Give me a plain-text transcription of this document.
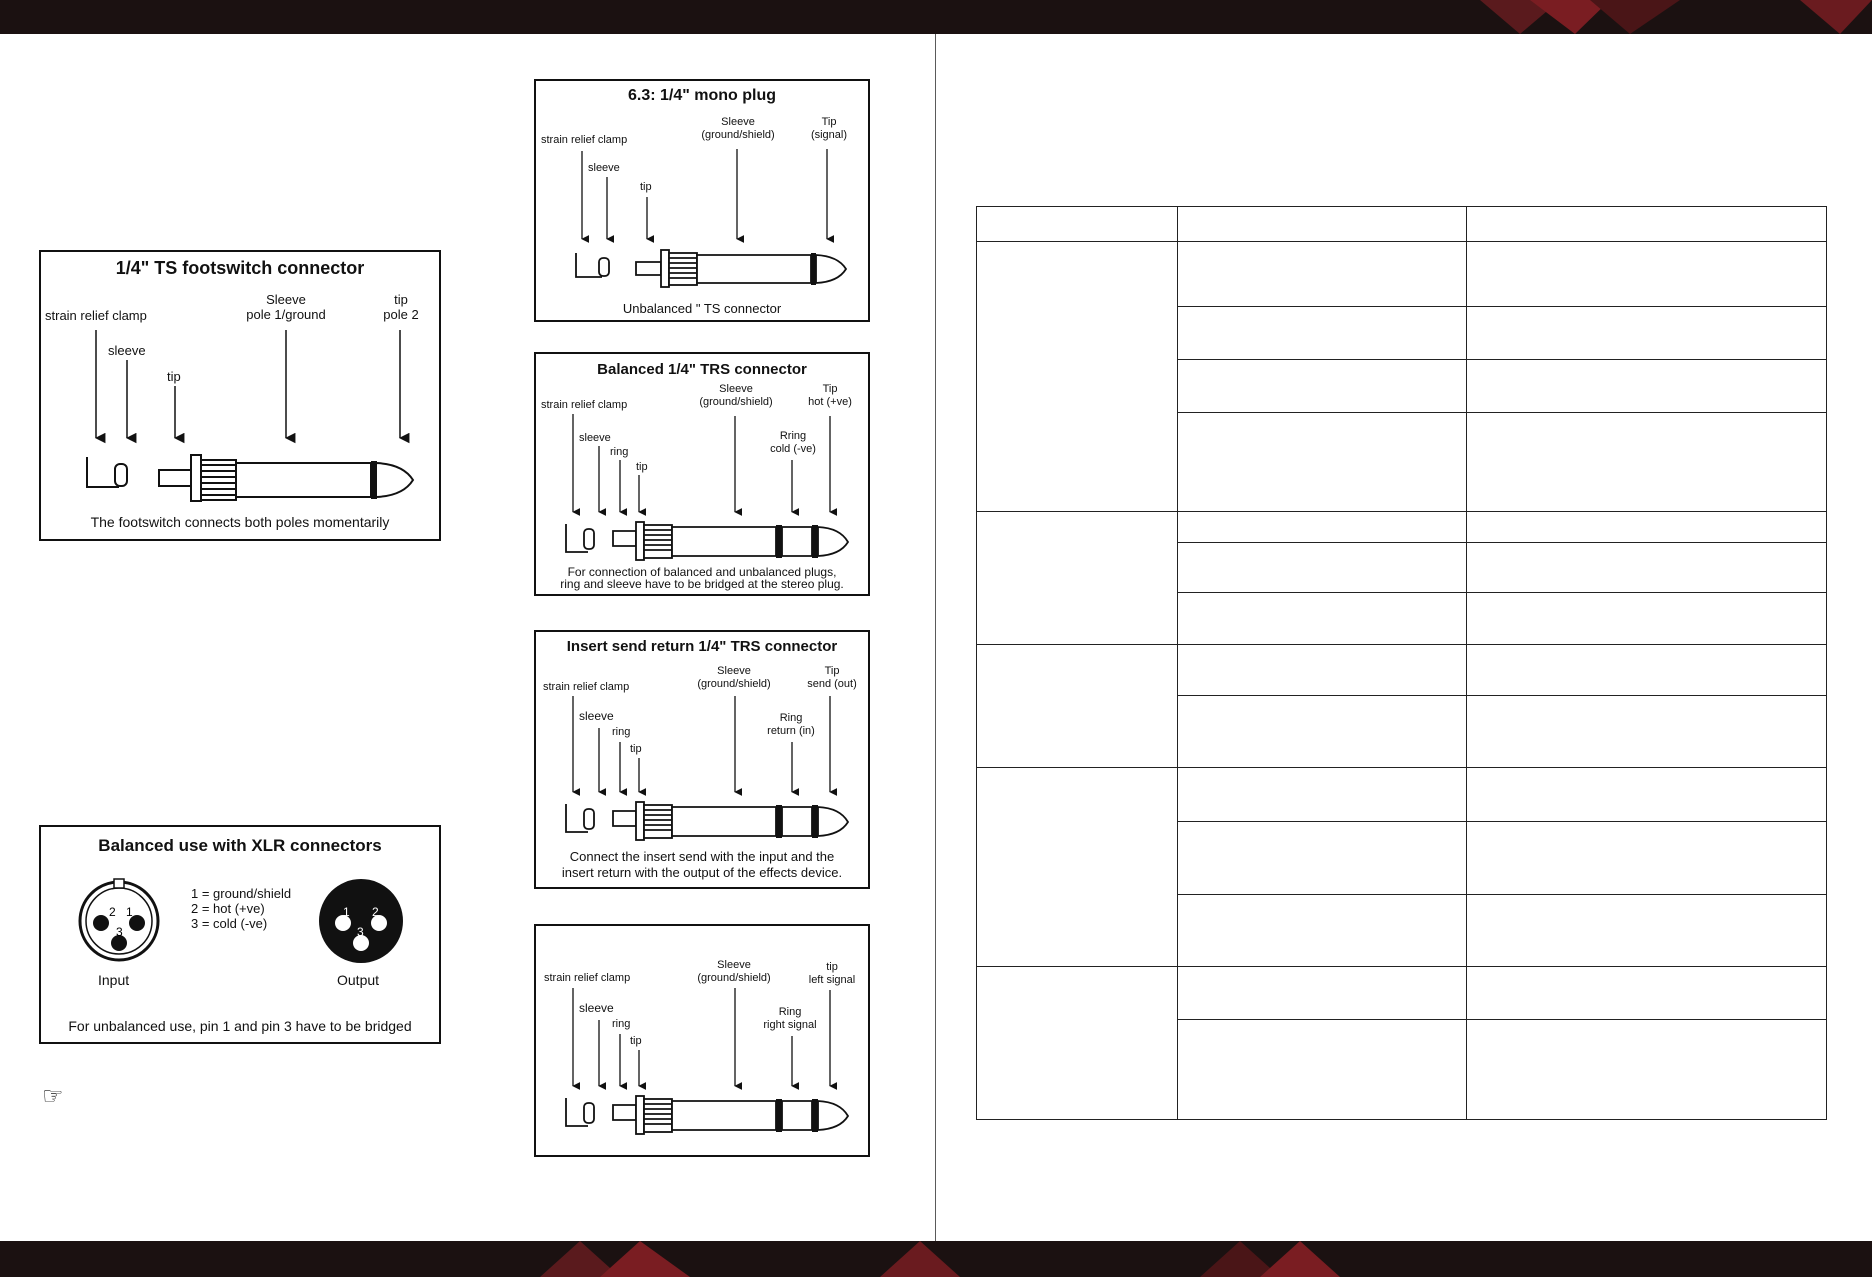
1/4" TS footswitch connector
strain relief clamp
sleeve
tip
Sleeve
pole 1/ground
tip
pole 2
The footswitch connects both poles momentarily
Balanced use with XLR connectors
1 = ground/shield
2 = hot (+ve)
3 = cold (-ve)
2 1
3
1 2
3
Input	Output
For unbalanced use, pin 1 and pin 3 have to be bridged
☞
6.3: 1/4" mono plug
strain relief clamp
sleeve
tip
Sleeve
(ground/shield)
Tip
(signal)
Unbalanced " TS connector
Balanced 1/4" TRS connector
strain relief clamp
sleeve
ring
tip
Sleeve
(ground/shield)
Tip
hot (+ve)
Rring
cold (-ve)
For connection of balanced and unbalanced plugs,
ring and sleeve have to be bridged at the stereo plug.
Insert send return 1/4" TRS connector
strain relief clamp
sleeve
ring
tip
Sleeve
(ground/shield)
Tip
send (out)
Ring
return (in)
Connect the insert send with the input and the
insert return with the output of the effects device.
strain relief clamp
sleeve
ring
tip
Sleeve
(ground/shield)
tip
left signal
Ring
right signal
